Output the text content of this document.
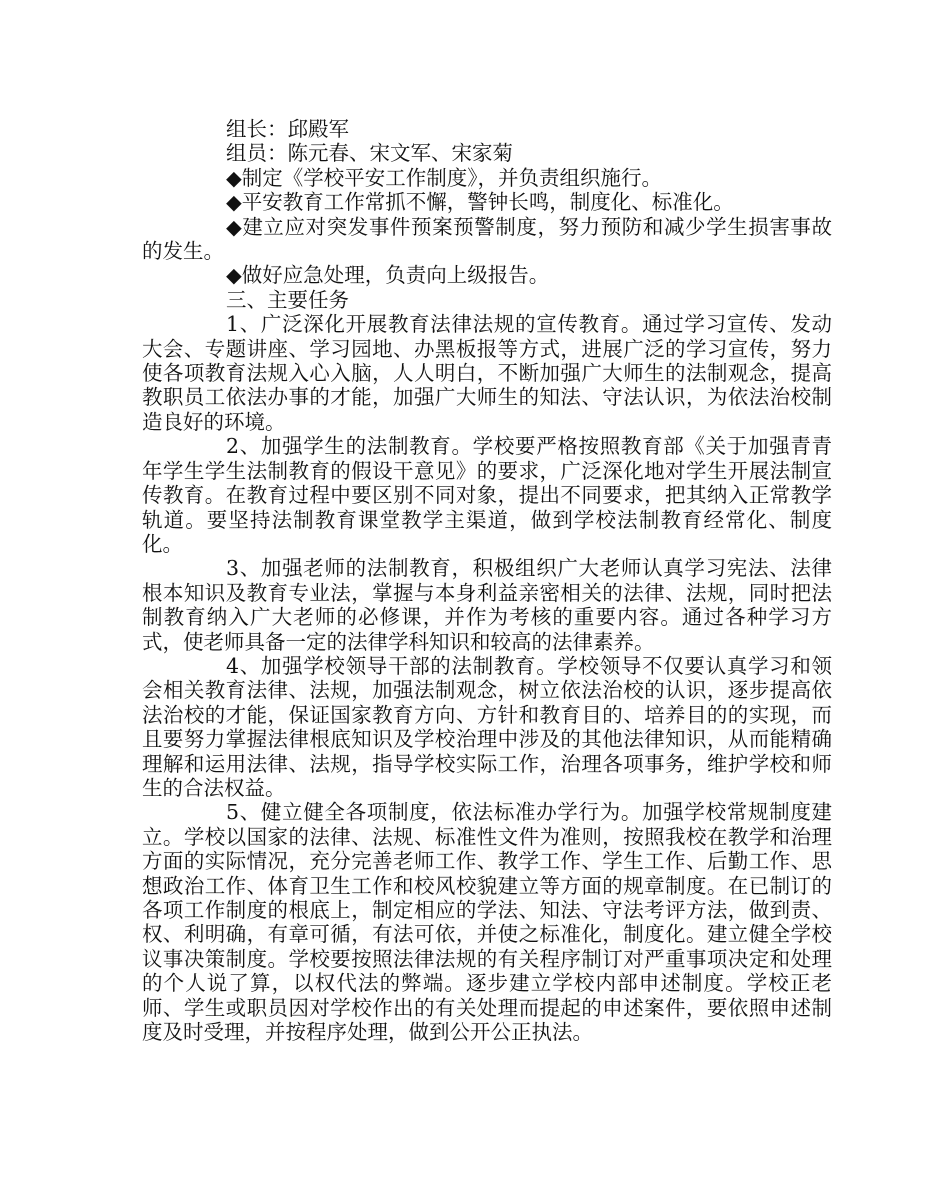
组长：邱殿军

组员：陈元春、宋文军、宋家菊

◆制定《学校平安工作制度》，并负责组织施行。

◆平安教育工作常抓不懈，警钟长鸣，制度化、标准化。

◆建立应对突发事件预案预警制度，努力预防和减少学生损害事故的发生。

◆做好应急处理，负责向上级报告。

三、主要任务

1、广泛深化开展教育法律法规的宣传教育。通过学习宣传、发动大会、专题讲座、学习园地、办黑板报等方式，进展广泛的学习宣传，努力使各项教育法规入心入脑，人人明白，不断加强广大师生的法制观念，提高教职员工依法办事的才能，加强广大师生的知法、守法认识，为依法治校制造良好的环境。

2、加强学生的法制教育。学校要严格按照教育部《关于加强青青年学生学生法制教育的假设干意见》的要求，广泛深化地对学生开展法制宣传教育。在教育过程中要区别不同对象，提出不同要求，把其纳入正常教学轨道。要坚持法制教育课堂教学主渠道，做到学校法制教育经常化、制度化。

3、加强老师的法制教育，积极组织广大老师认真学习宪法、法律根本知识及教育专业法，掌握与本身利益亲密相关的法律、法规，同时把法制教育纳入广大老师的必修课，并作为考核的重要内容。通过各种学习方式，使老师具备一定的法律学科知识和较高的法律素养。

4、加强学校领导干部的法制教育。学校领导不仅要认真学习和领会相关教育法律、法规，加强法制观念，树立依法治校的认识，逐步提高依法治校的才能，保证国家教育方向、方针和教育目的、培养目的的实现，而且要努力掌握法律根底知识及学校治理中涉及的其他法律知识，从而能精确理解和运用法律、法规，指导学校实际工作，治理各项事务，维护学校和师生的合法权益。

5、健立健全各项制度，依法标准办学行为。加强学校常规制度建立。学校以国家的法律、法规、标准性文件为准则，按照我校在教学和治理方面的实际情况，充分完善老师工作、教学工作、学生工作、后勤工作、思想政治工作、体育卫生工作和校风校貌建立等方面的规章制度。在已制订的各项工作制度的根底上，制定相应的学法、知法、守法考评方法，做到责、权、利明确，有章可循，有法可依，并使之标准化，制度化。建立健全学校议事决策制度。学校要按照法律法规的有关程序制订对严重事项决定和处理的个人说了算，以权代法的弊端。逐步建立学校内部申述制度。学校正老师、学生或职员因对学校作出的有关处理而提起的申述案件，要依照申述制度及时受理，并按程序处理，做到公开公正执法。
